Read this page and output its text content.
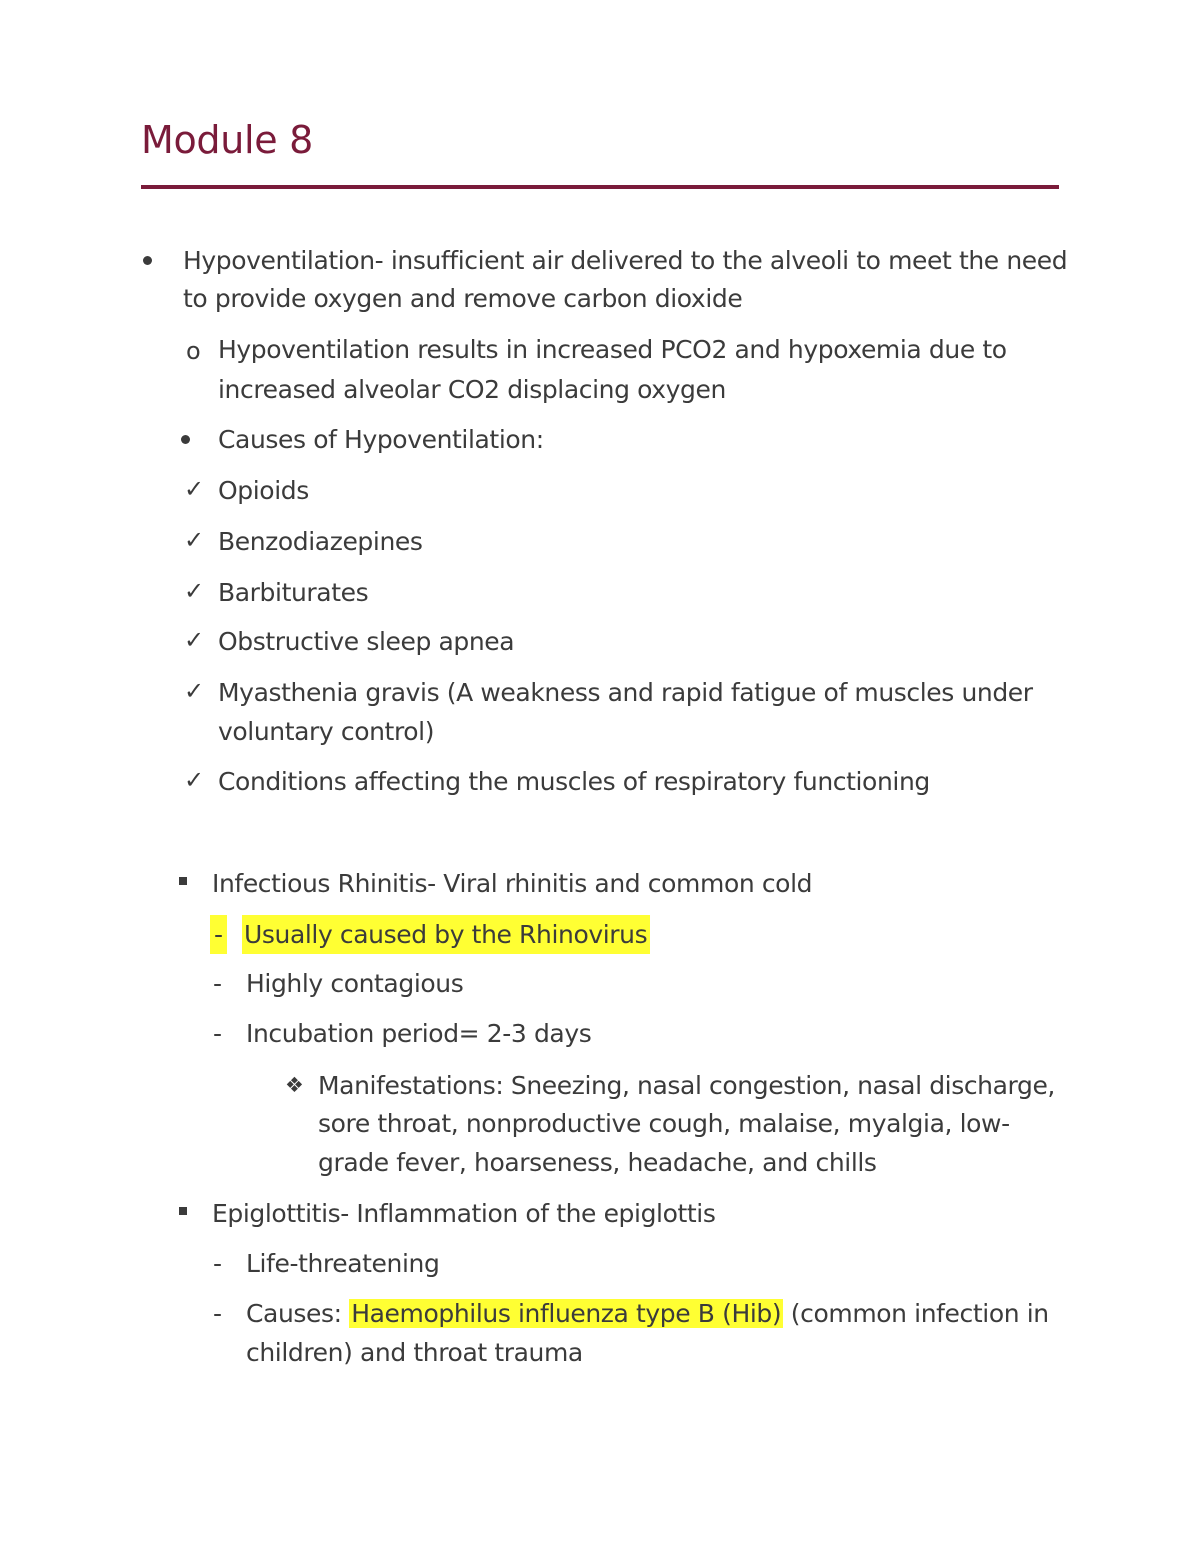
Module 8
Hypoventilation- insufficient air delivered to the alveoli to meet the need
to provide oxygen and remove carbon dioxide
o Hypoventilation results in increased PCO2 and hypoxemia due to
increased alveolar CO2 displacing oxygen
Causes of Hypoventilation:
✓ Opioids
✓ Benzodiazepines
✓ Barbiturates
✓ Obstructive sleep apnea
✓ Myasthenia gravis (A weakness and rapid fatigue of muscles under
voluntary control)
✓ Conditions affecting the muscles of respiratory functioning
Infectious Rhinitis- Viral rhinitis and common cold
- Usually caused by the Rhinovirus
- Highly contagious
- Incubation period= 2-3 days
❖ Manifestations: Sneezing, nasal congestion, nasal discharge,
sore throat, nonproductive cough, malaise, myalgia, low-
grade fever, hoarseness, headache, and chills
Epiglottitis- Inflammation of the epiglottis
- Life-threatening
- Causes: Haemophilus influenza type B (Hib) (common infection in
children) and throat trauma
